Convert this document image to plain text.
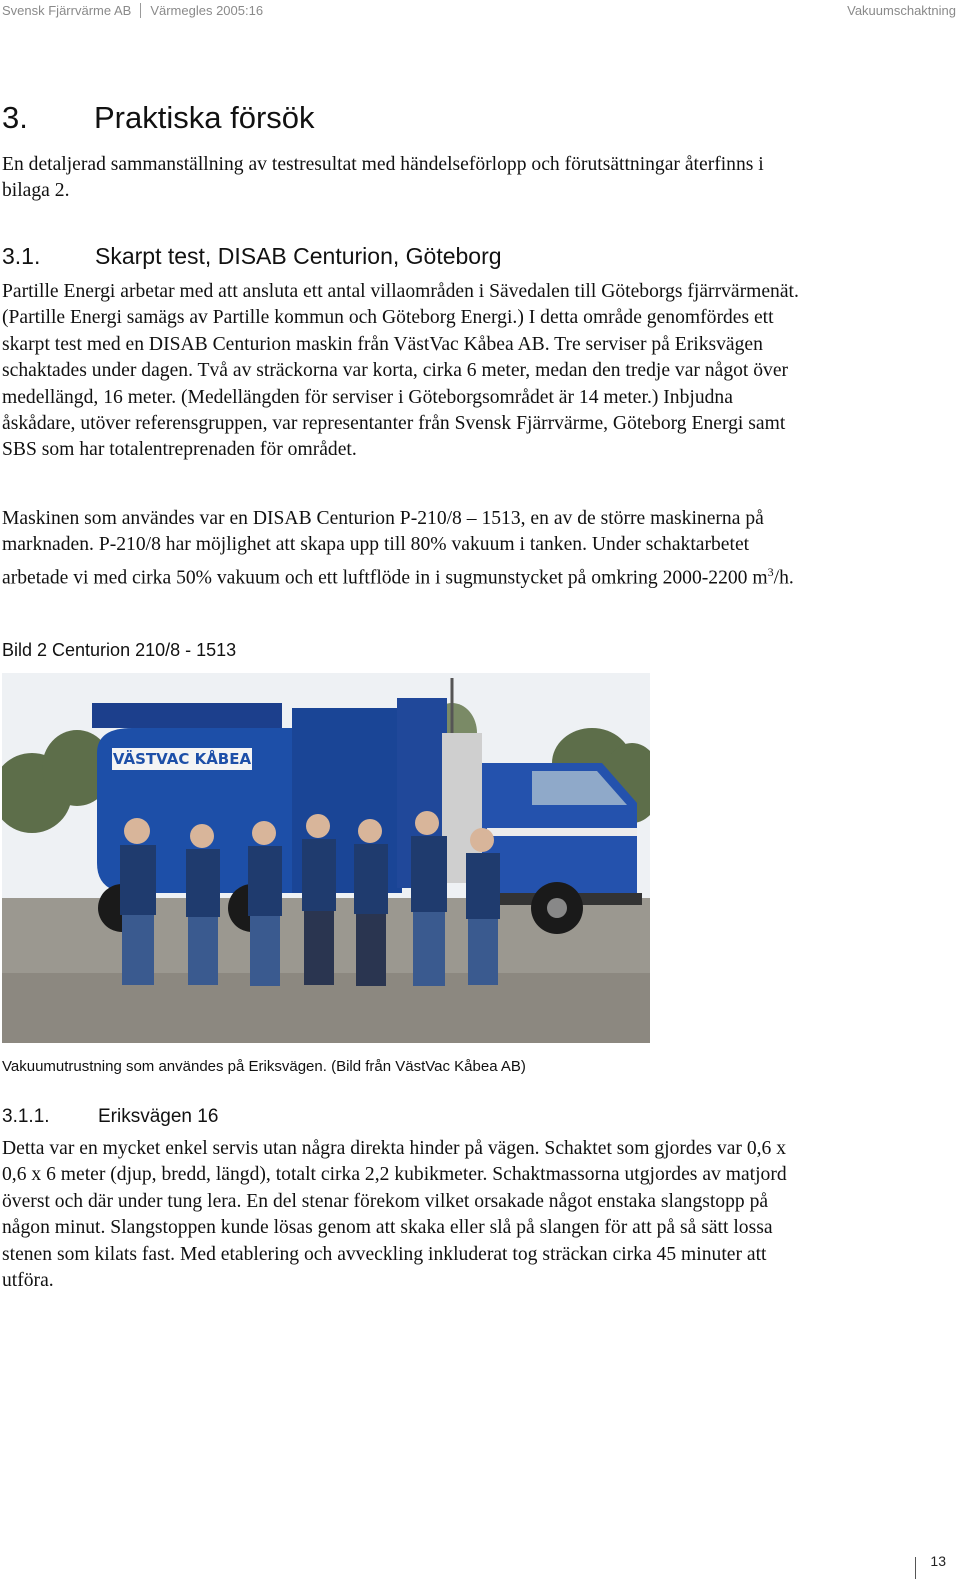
Svensk Fjärrvärme AB Värmegles 2005:16	Vakuumschaktning
3. Praktiska försök

En detaljerad sammanställning av testresultat med händelseförlopp och förutsättningar återfinns i bilaga 2.

3.1. Skarpt test, DISAB Centurion, Göteborg

Partille Energi arbetar med att ansluta ett antal villaområden i Sävedalen till Göteborgs fjärrvärmenät. (Partille Energi samägs av Partille kommun och Göteborg Energi.) I detta område genomfördes ett skarpt test med en DISAB Centurion maskin från VästVac Kåbea AB. Tre serviser på Eriksvägen schaktades under dagen. Två av sträckorna var korta, cirka 6 meter, medan den tredje var något över medellängd, 16 meter. (Medellängden för serviser i Göteborgsområdet är 14 meter.) Inbjudna åskådare, utöver referensgruppen, var representanter från Svensk Fjärrvärme, Göteborg Energi samt SBS som har totalentreprenaden för området.

Maskinen som användes var en DISAB Centurion P-210/8 – 1513, en av de större maskinerna på marknaden. P-210/8 har möjlighet att skapa upp till 80% vakuum i tanken. Under schaktarbetet arbetade vi med cirka 50% vakuum och ett luftflöde in i sugmunstycket på omkring 2000-2200 $m^3/h$.

Bild 2 Centurion 210/8 - 1513
VÄSTVAC KÅBEA
Vakuumutrustning som användes på Eriksvägen. (Bild från VästVac Kåbea AB)
3.1.1.	Eriksvägen 16

Detta var en mycket enkel servis utan några direkta hinder på vägen. Schaktet som gjordes var 0,6 x 0,6 x 6 meter (djup, bredd, längd), totalt cirka 2,2 kubikmeter. Schaktmassorna utgjordes av matjord överst och där under tung lera. En del stenar förekom vilket orsakade något enstaka slangstopp på någon minut. Slangstoppen kunde lösas genom att skaka eller slå på slangen för att på så sätt lossa stenen som kilats fast. Med etablering och avveckling inkluderat tog sträckan cirka 45 minuter att utföra.

13
